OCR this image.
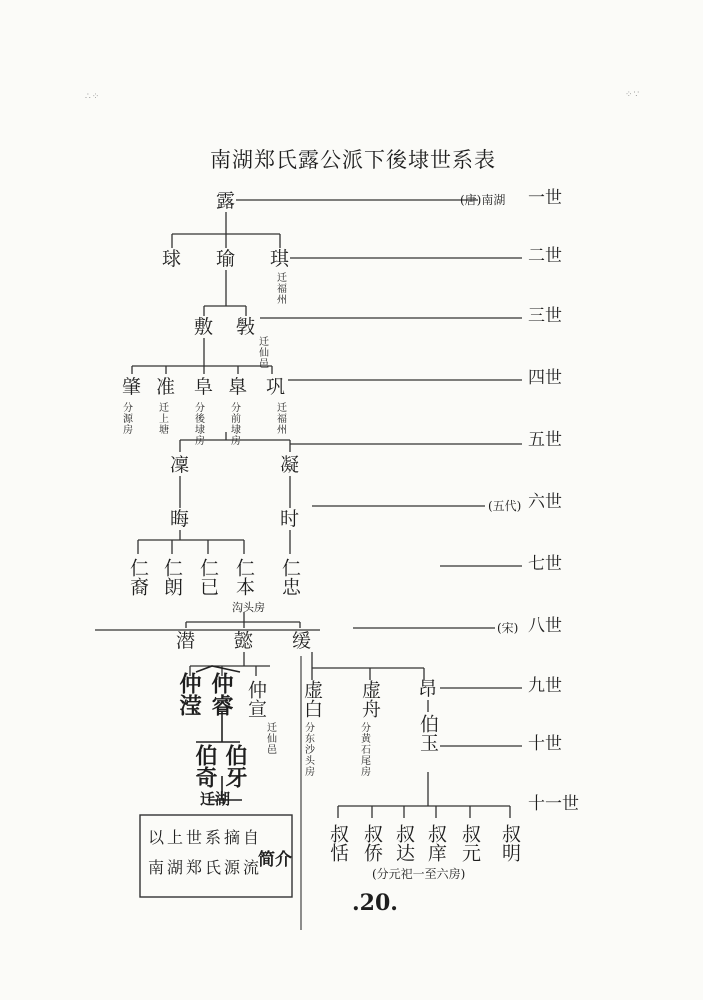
∴⁘	⁘∵
南湖郑氏露公派下後埭世系表
一世
二世
三世
四世
五世
六世
七世
八世
九世
十世
十一世
(唐)南湖
(五代)
(宋)
露
球 瑜 琪
迁福州
敷 斅
迁仙邑
肇 准 阜 臯 巩
分源房	迁上塘	分後埭房	分前埭房	迁福州
凜	凝
晦	时
仁裔 仁朗 仁已 仁本 仁忠
沟头房
潜 懿 缓
仲滢 仲睿 仲宣
迁仙邑
虚白
分东沙头房
虚舟
分黄石尾房
昂
伯奇 伯牙
伯玉
迁湖
叔恬 叔侨 叔达 叔庠 叔元 叔明
(分元祀一至六房)
以上世系摘自
南湖郑氏源流
简介
.20.
